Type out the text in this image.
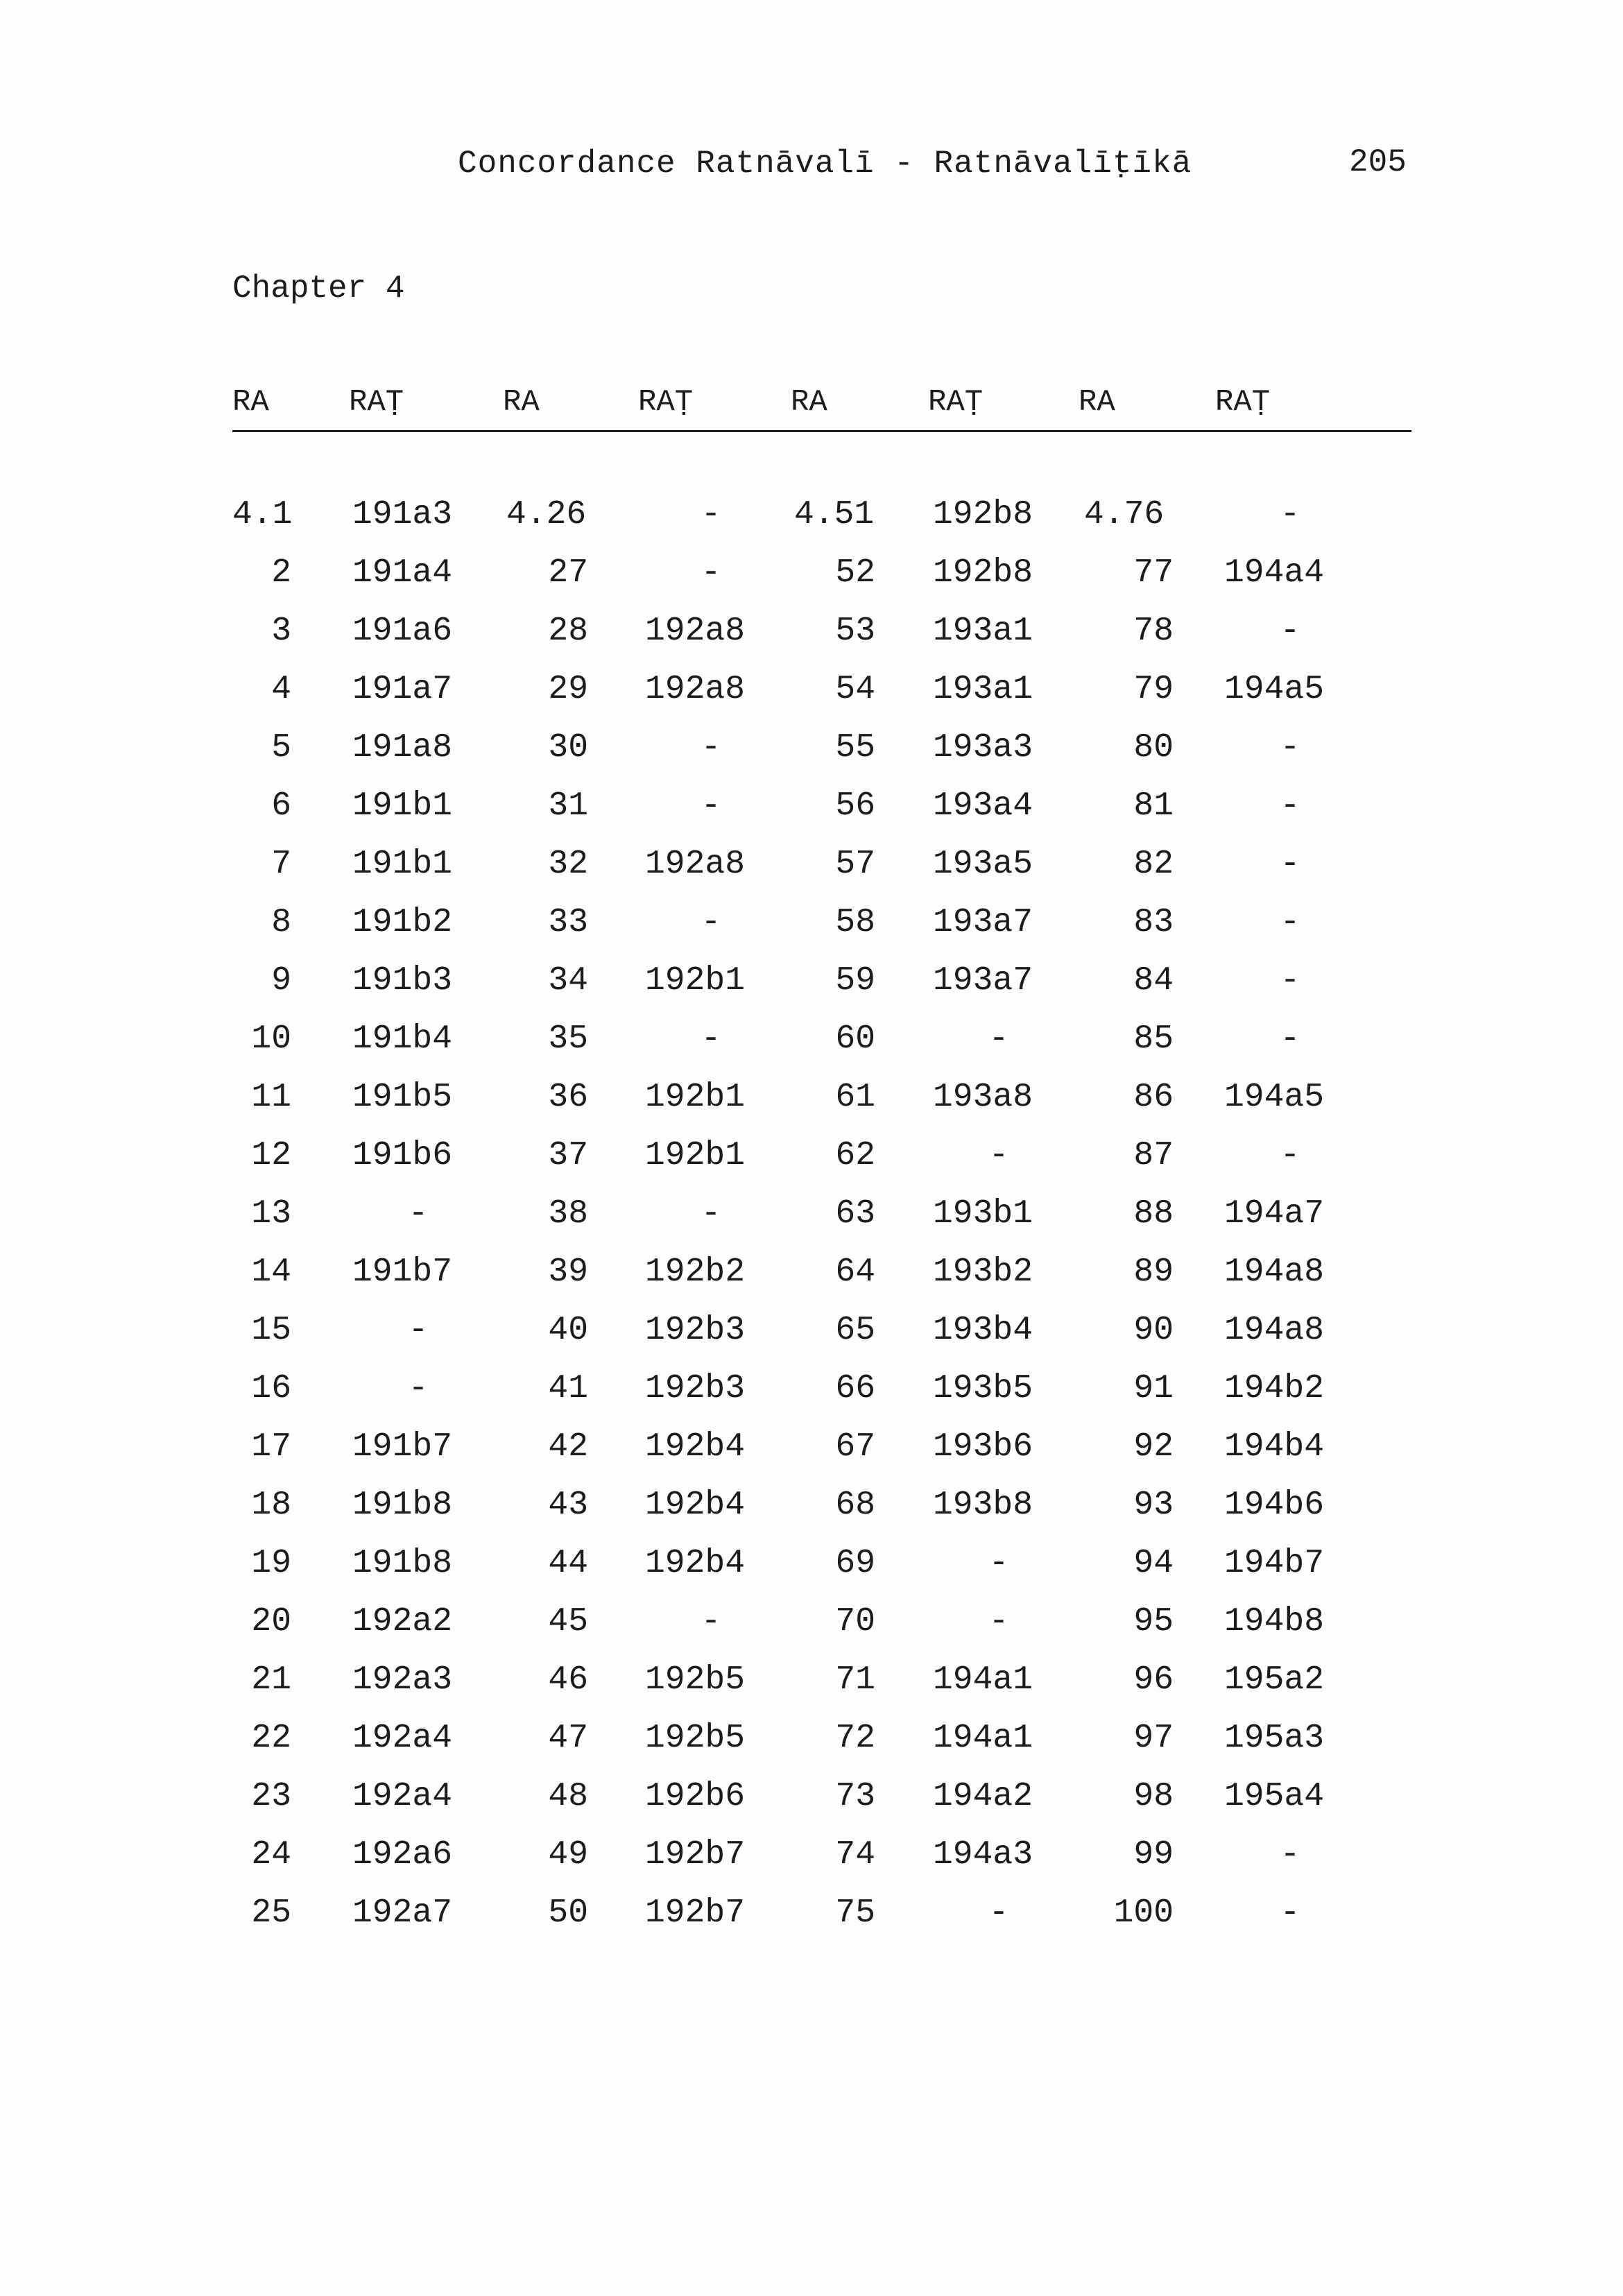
Concordance Ratnāvalī - Ratnāvalīṭīkā	205
Chapter 4
RA	RAṬ	RA	RAṬ	RA	RAṬ	RA	RAṬ
4.1 191a3 4.26	-	4.51 192b8 4.76	-
2 191a4	27	-	52 192b8	77 194a4
3 191a6	28 192a8	53 193a1	78	-
4 191a7	29 192a8	54 193a1	79 194a5
5 191a8	30	-	55 193a3	80	-
6 191b1	31	-	56 193a4	81	-
7 191b1	32 192a8	57 193a5	82	-
8 191b2	33	-	58 193a7	83	-
9 191b3	34 192b1	59 193a7	84	-
10 191b4	35	-	60	-	85	-
11 191b5	36 192b1	61 193a8	86 194a5
12 191b6	37 192b1	62	-	87	-
13	-	38	-	63 193b1	88 194a7
14 191b7	39 192b2	64 193b2	89 194a8
15	-	40 192b3	65 193b4	90 194a8
16	-	41 192b3	66 193b5	91 194b2
17 191b7	42 192b4	67 193b6	92 194b4
18 191b8	43 192b4	68 193b8	93 194b6
19 191b8	44 192b4	69	-	94 194b7
20 192a2	45	-	70	-	95 194b8
21 192a3	46 192b5	71 194a1	96 195a2
22 192a4	47 192b5	72 194a1	97 195a3
23 192a4	48 192b6	73 194a2	98 195a4
24 192a6	49 192b7	74 194a3	99	-
25 192a7	50 192b7	75	-	100	-
